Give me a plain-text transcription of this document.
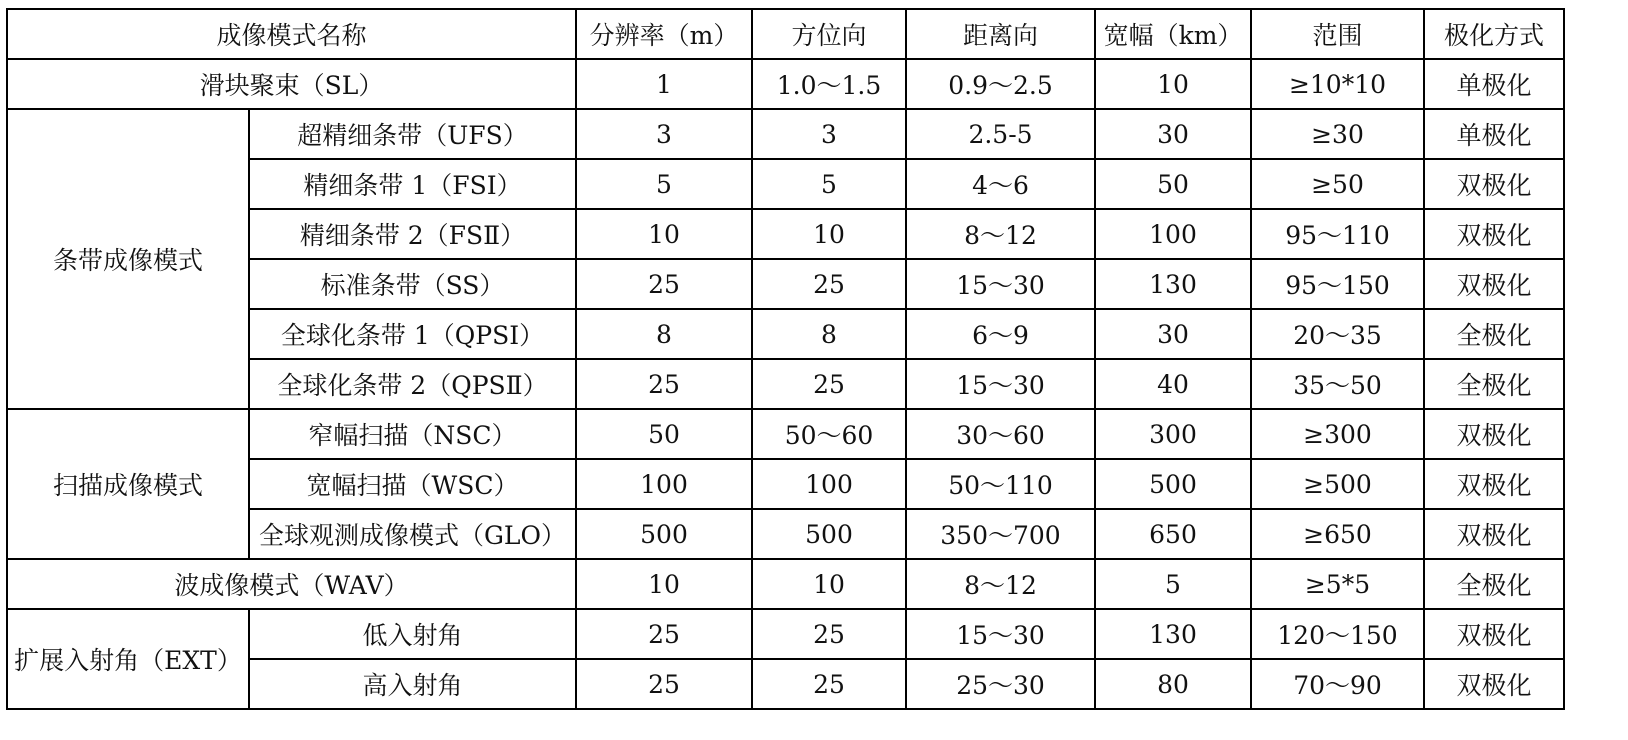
成像模式名称		分辨率（m）	方位向	距离向	宽幅（km）	范围	极化方式
滑块聚束（SL）		1	1.0～1.5	0.9～2.5	10	≥10*10	单极化
条带成像模式	超精细条带（UFS）	3	3	2.5-5	30	≥30	单极化
	精细条带 1（FSⅠ）	5	5	4～6	50	≥50	双极化
	精细条带 2（FSⅡ）	10	10	8～12	100	95～110	双极化
	标准条带（SS）	25	25	15～30	130	95～150	双极化
	全球化条带 1（QPSⅠ）	8	8	6～9	30	20～35	全极化
	全球化条带 2（QPSⅡ）	25	25	15～30	40	35～50	全极化
扫描成像模式	窄幅扫描（NSC）	50	50～60	30～60	300	≥300	双极化
	宽幅扫描（WSC）	100	100	50～110	500	≥500	双极化
	全球观测成像模式（GLO）	500	500	350～700	650	≥650	双极化
波成像模式（WAV）		10	10	8～12	5	≥5*5	全极化
扩展入射角（EXT）	低入射角	25	25	15～30	130	120～150	双极化
	高入射角	25	25	25～30	80	70～90	双极化
